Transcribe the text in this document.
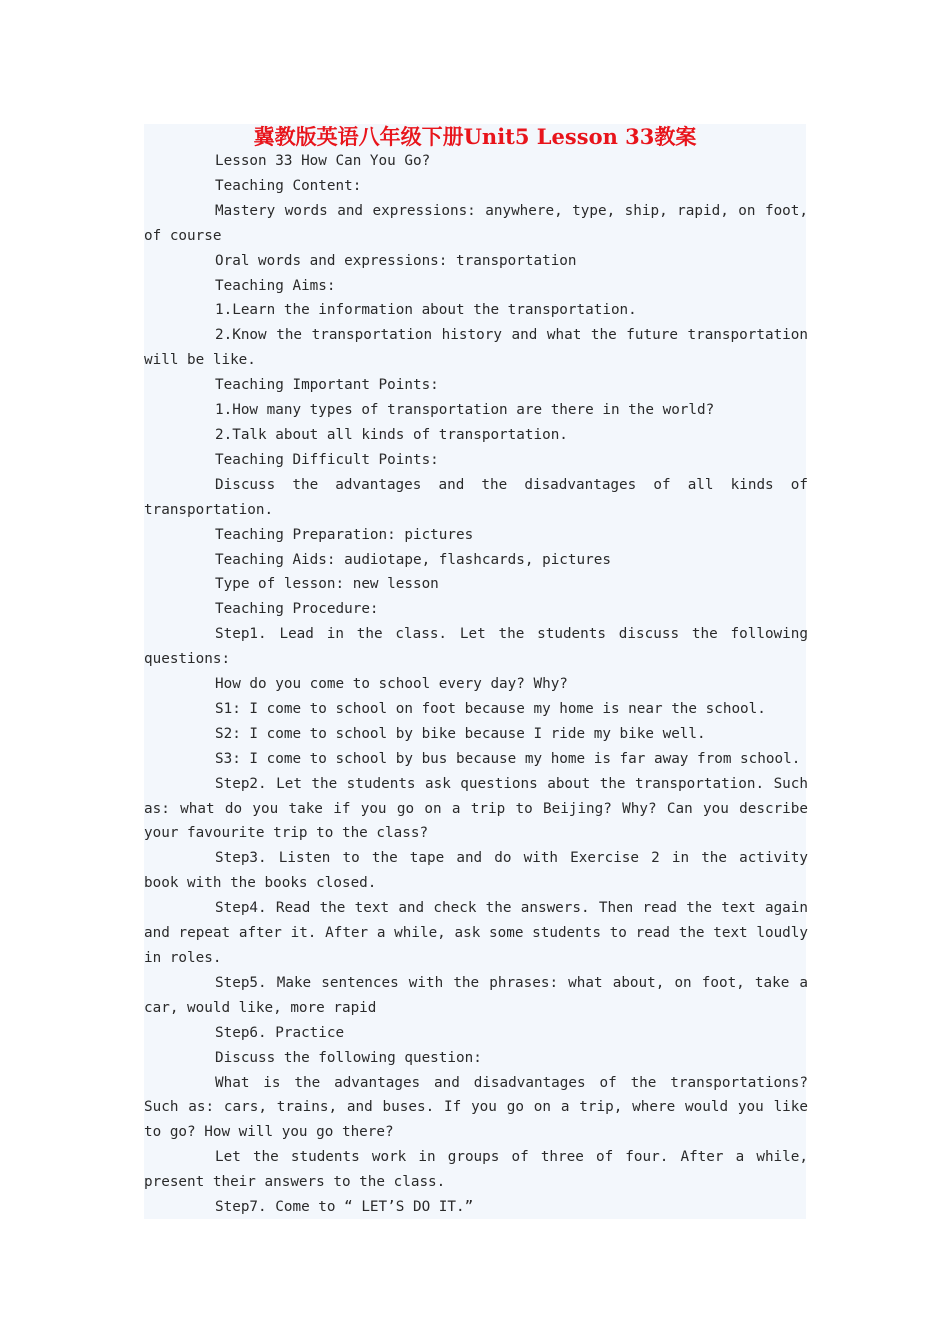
冀教版英语八年级下册Unit5 Lesson 33教案

Lesson 33 How Can You Go?

Teaching Content:

Mastery words and expressions: anywhere, type, ship, rapid, on foot, of course

Oral words and expressions: transportation

Teaching Aims:

1.Learn the information about the transportation.

2.Know the transportation history and what the future transportation will be like.

Teaching Important Points:

1.How many types of transportation are there in the world?

2.Talk about all kinds of transportation.

Teaching Difficult Points:

Discuss the advantages and the disadvantages of all kinds of transportation.

Teaching Preparation: pictures

Teaching Aids: audiotape, flashcards, pictures

Type of lesson: new lesson

Teaching Procedure:

Step1. Lead in the class. Let the students discuss the following questions:

How do you come to school every day? Why?

S1: I come to school on foot because my home is near the school.

S2: I come to school by bike because I ride my bike well.

S3: I come to school by bus because my home is far away from school.

Step2. Let the students ask questions about the transportation. Such as: what do you take if you go on a trip to Beijing? Why? Can you describe your favourite trip to the class?

Step3. Listen to the tape and do with Exercise 2 in the activity book with the books closed.

Step4. Read the text and check the answers. Then read the text again and repeat after it. After a while, ask some students to read the text loudly in roles.

Step5. Make sentences with the phrases: what about, on foot, take a car, would like, more rapid

Step6. Practice

Discuss the following question:

What is the advantages and disadvantages of the transportations? Such as: cars, trains, and buses. If you go on a trip, where would you like to go? How will you go there?

Let the students work in groups of three of four. After a while, present their answers to the class.

Step7. Come to “ LET’S DO IT.”
